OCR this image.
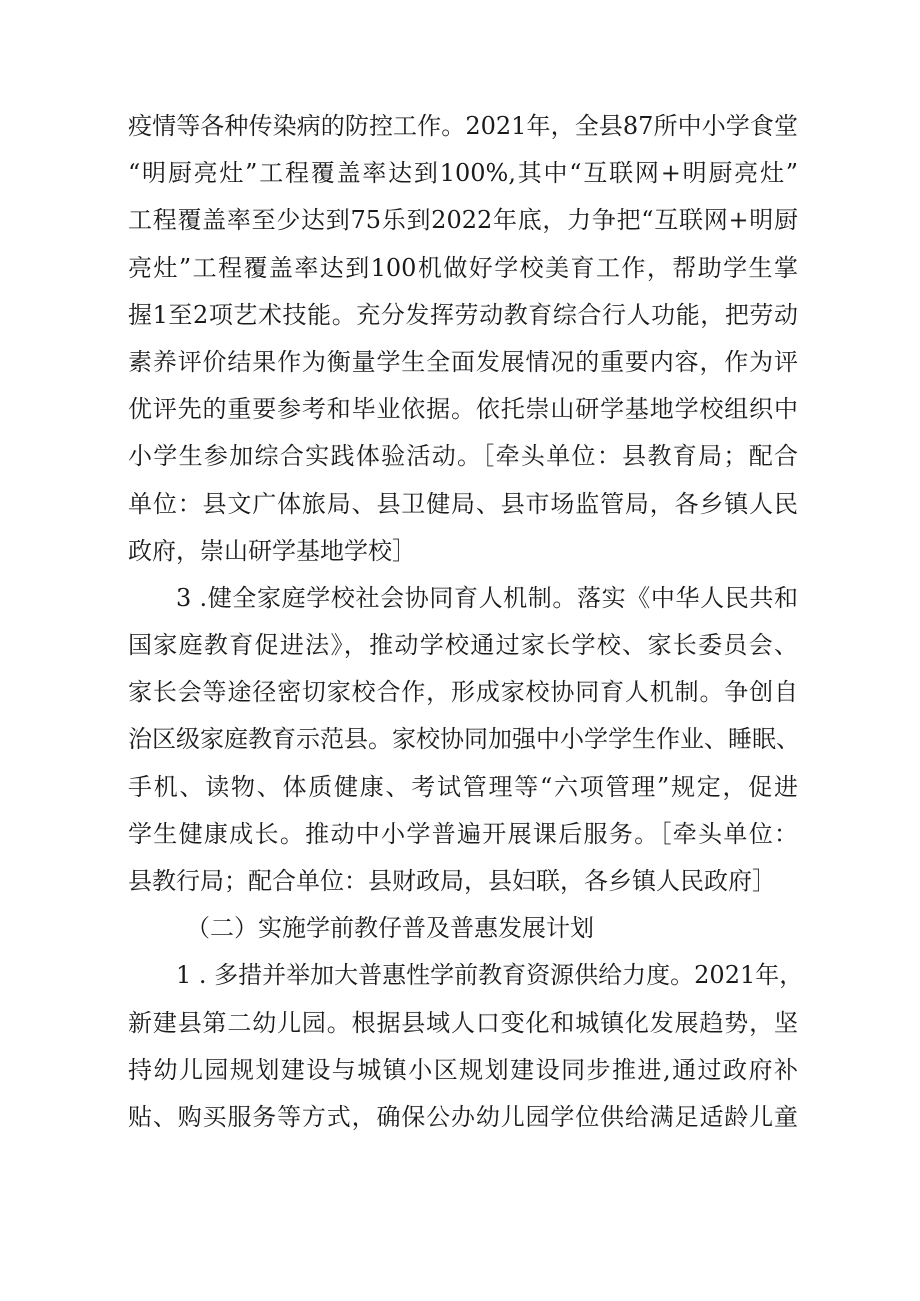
疫情等各种传染病的防控工作。2021年，全县87所中小学食堂
“明厨亮灶”工程覆盖率达到100%,其中“互联网+明厨亮灶”
工程覆盖率至少达到75乐到2022年底，力争把“互联网+明厨
亮灶”工程覆盖率达到100机做好学校美育工作，帮助学生掌
握1至2项艺术技能。充分发挥劳动教育综合行人功能，把劳动
素养评价结果作为衡量学生全面发展情况的重要内容，作为评
优评先的重要参考和毕业依据。依托崇山研学基地学校组织中
小学生参加综合实践体验活动。［牵头单位：县教育局；配合
单位：县文广体旅局、县卫健局、县市场监管局，各乡镇人民
政府，崇山研学基地学校］
3 .健全家庭学校社会协同育人机制。落实《中华人民共和
国家庭教育促进法》，推动学校通过家长学校、家长委员会、
家长会等途径密切家校合作，形成家校协同育人机制。争创自
治区级家庭教育示范县。家校协同加强中小学学生作业、睡眠、
手机、读物、体质健康、考试管理等“六项管理”规定，促进
学生健康成长。推动中小学普遍开展课后服务。［牵头单位：
县教行局；配合单位：县财政局，县妇联，各乡镇人民政府］
（二）实施学前教仔普及普惠发展计划
1 . 多措并举加大普惠性学前教育资源供给力度。2021年，
新建县第二幼儿园。根据县域人口变化和城镇化发展趋势，坚
持幼儿园规划建设与城镇小区规划建设同步推进,通过政府补
贴、购买服务等方式，确保公办幼儿园学位供给满足适龄儿童
